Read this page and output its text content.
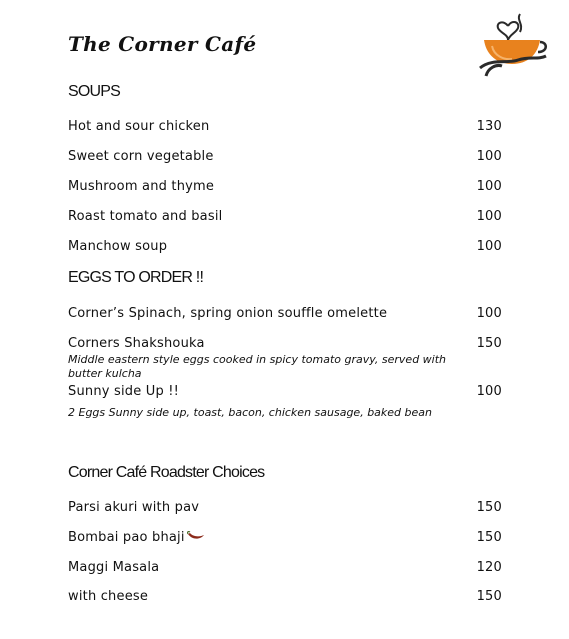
The Corner Café
SOUPS
Hot and sour chicken	130
Sweet corn vegetable	100
Mushroom and thyme	100
Roast tomato and basil	100
Manchow soup	100
EGGS TO ORDER !!
Corner’s Spinach, spring onion souffle omelette	100
Corners Shakshouka	150
Middle eastern style eggs cooked in spicy tomato gravy, served with butter kulcha
Sunny side Up !!	100
2 Eggs Sunny side up, toast, bacon, chicken sausage, baked bean
Corner Café Roadster Choices
Parsi akuri with pav	150
Bombai pao bhaji	150
Maggi Masala	120
with cheese	150
